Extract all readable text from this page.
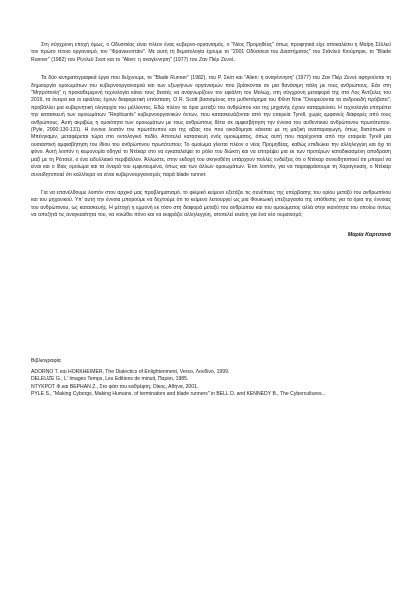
Στη σύγχρονη εποχή όμως, ο Οδυσσέας είναι πλέον ένας κυβερνο-οργανισμός, ο "Νέος Προμηθέας" όπως προφητικά είχε αποκαλέσει η Μαίρη Σέλλεϋ τον πρώτο τέτοιο οργανισμό, τον "Φρανκενστάιν". Με αυτή τη θεματολογία έχουμε το "2001 Οδύσσεια του Διαστήματος" του Στάνλεϋ Κιούμπρικ, το "Blade Runner" (1982) του Ρίντλεϋ Σκοτ και το "Alien: η αναγέννηση" (1977) του Ζαν Πιέρ Ζεννέ.

Τα δύο κινηματογραφικά έργα που δείχνουμε, το "Blade Runner" (1982), του Ρ. Σκότ και "Alien: η αναγέννηση" (1977) του Ζαν Πιέρ Ζεννέ αφηγούνται τη δημιουργία ομοιωμάτων του κυβερνοοργανισμού και των εξωγήινων οργανισμών που βρίσκονται σε μια θανάσιμη πάλη με τους ανθρώπους. Εάν στη "Μητρόπολη" η προκαθεμερινή τεχνολογία κάνει τους θεατές να αναγνωρίζουν τον εφιάλτη του Μολώχ, στη σύγχρονη μεταφορά της στο Λος Άντζελες του 2019, τα όνειρα και οι εφιάλτες έχουν διαφορετική υπόσταση. Ο R. Scott βασισμένος στο μυθιστόρημα του Φίλιπ Ντικ "Ονειρεύονται τα ανδροειδή πρόβατα", προβάλλει μια κυβερνητική ολιγαρχία του μέλλοντος. Εδώ πλέον τα όρια μεταξύ του ανθρώπου και της μηχανής έχουν καταρρεύσει. Η τεχνολογία επιτρέπει την κατασκευή των ομοιωμάτων "Replicants" κυβερνοοργανικών όντων, που κατασκευάζονται από την εταιρεία Tyrell, χωρίς εμφανείς διαφορές από τους ανθρώπους. Αυτή ακριβώς η ομοιότητα των ομοιωμάτων με τους ανθρώπους θέτει σε αμφισβήτηση την έννοια του αυθεντικού ανθρώπινου πρωτότυπου. (Pyle, 2000:130-131). Η έννοια λοιπόν του πρωτότυπου και της αξίας του που οικοδόμησε κάνεται με τη μαζική αναπαραγωγή, όπως διατύπωσε ο Μπένγιαμιν, μεταφέρεται τώρα στο οντολογικό πεδίο. Αποτελεί κατασκευή ενός ομοιώματος, όπως αυτή που παρέχονται από την εταιρεία Tyrell μια ουσιαστική αμφισβήτηση του ίδιου του ανθρώπινου πρωτότυπου; Το ομοίωμα γίνεται πλέον ο νέος Προμηθέας, καθώς επιδιώκει την αλληλεγγύη και όχι το φόνο. Αυτή λοιπόν η κειμονομία οδηγεί το Ντέκαρ στο να εγκαταλείψει το ρόλο του διώκτη και να επιτρέψει μια εκ των προτέρων καταδικασμένη αποδραση μαζί με τη Ρέιτσελ, ο ένα ειδυλλιακό περιβάλλον. Άλλωστε, στην εκδοχή του σκηνοθέτη υπάρχουν πολλές ενδείξεις ότι ο Ντέκαρ συνειδητοποιεί ότι μπορεί να είναι και ο ίδιος ομοίωμα και τα όνειρά του εμφυτευμένα, όπως και των άλλων ομοιωμάτων. Έτσι λοιπόν, για να παραφράσουμε τη Χαραγουαίη, ο Ντέκαρ συνειδητοποιεί ότι καλλίτερα να είναι κυβερνοοργανισμός παρά blade runner.

Για να επανέλθουμε λοιπόν στον αρχικό μας προβληματισμό, το φιλμικό κείμενο εξετάζει τις συνέπειες της υπέρβασης του ορίου μεταξύ του ανθρωπίνου και του μηχανικού. Υπ' αυτή την έννοια μπορούμε να δεχτούμε ότι το κείμενο λειτουργεί ως μια Φουκωική επεξεργασία της υπόθεσης για τα όρια της έννοιας του ανθρώπινου, ως κατασκευής. Η μέτοχή η εμμονή εκ τόσο στη διαφορά μεταξύ του ανθρώπου και του ομοιώματος αλλά στην ικανότητα του οποίου όντως να αποζητά τις αναγκαιότητα του, να νοιώθει πόνο και να εκφράζει αλληλεγγύη, αποτελεί εκείνη για ένα νέο ουμανισμό;

Μαρία Καρτσανά

Βιβλιογραφία

ADORNO T. και HORKHEIMER, The Dialectics of Enlightenment, Verso, Λονδίνο, 1999.
DELEUZE G., L' Images Temps, Les Editions de minuit, Παρίσι, 1985.
ΝΤΥΚΡΟΤ Φ.και ΒΕΡΗΑΝ Ζ., Στο φάτι του καθρέφτη, Οίκος, Αθήνα, 2001.
PYLE S., "Making Cyborgs, Making Humans, of terminators and blade runners" in BELL D. and KENNEDY B., The Cybercultures...
